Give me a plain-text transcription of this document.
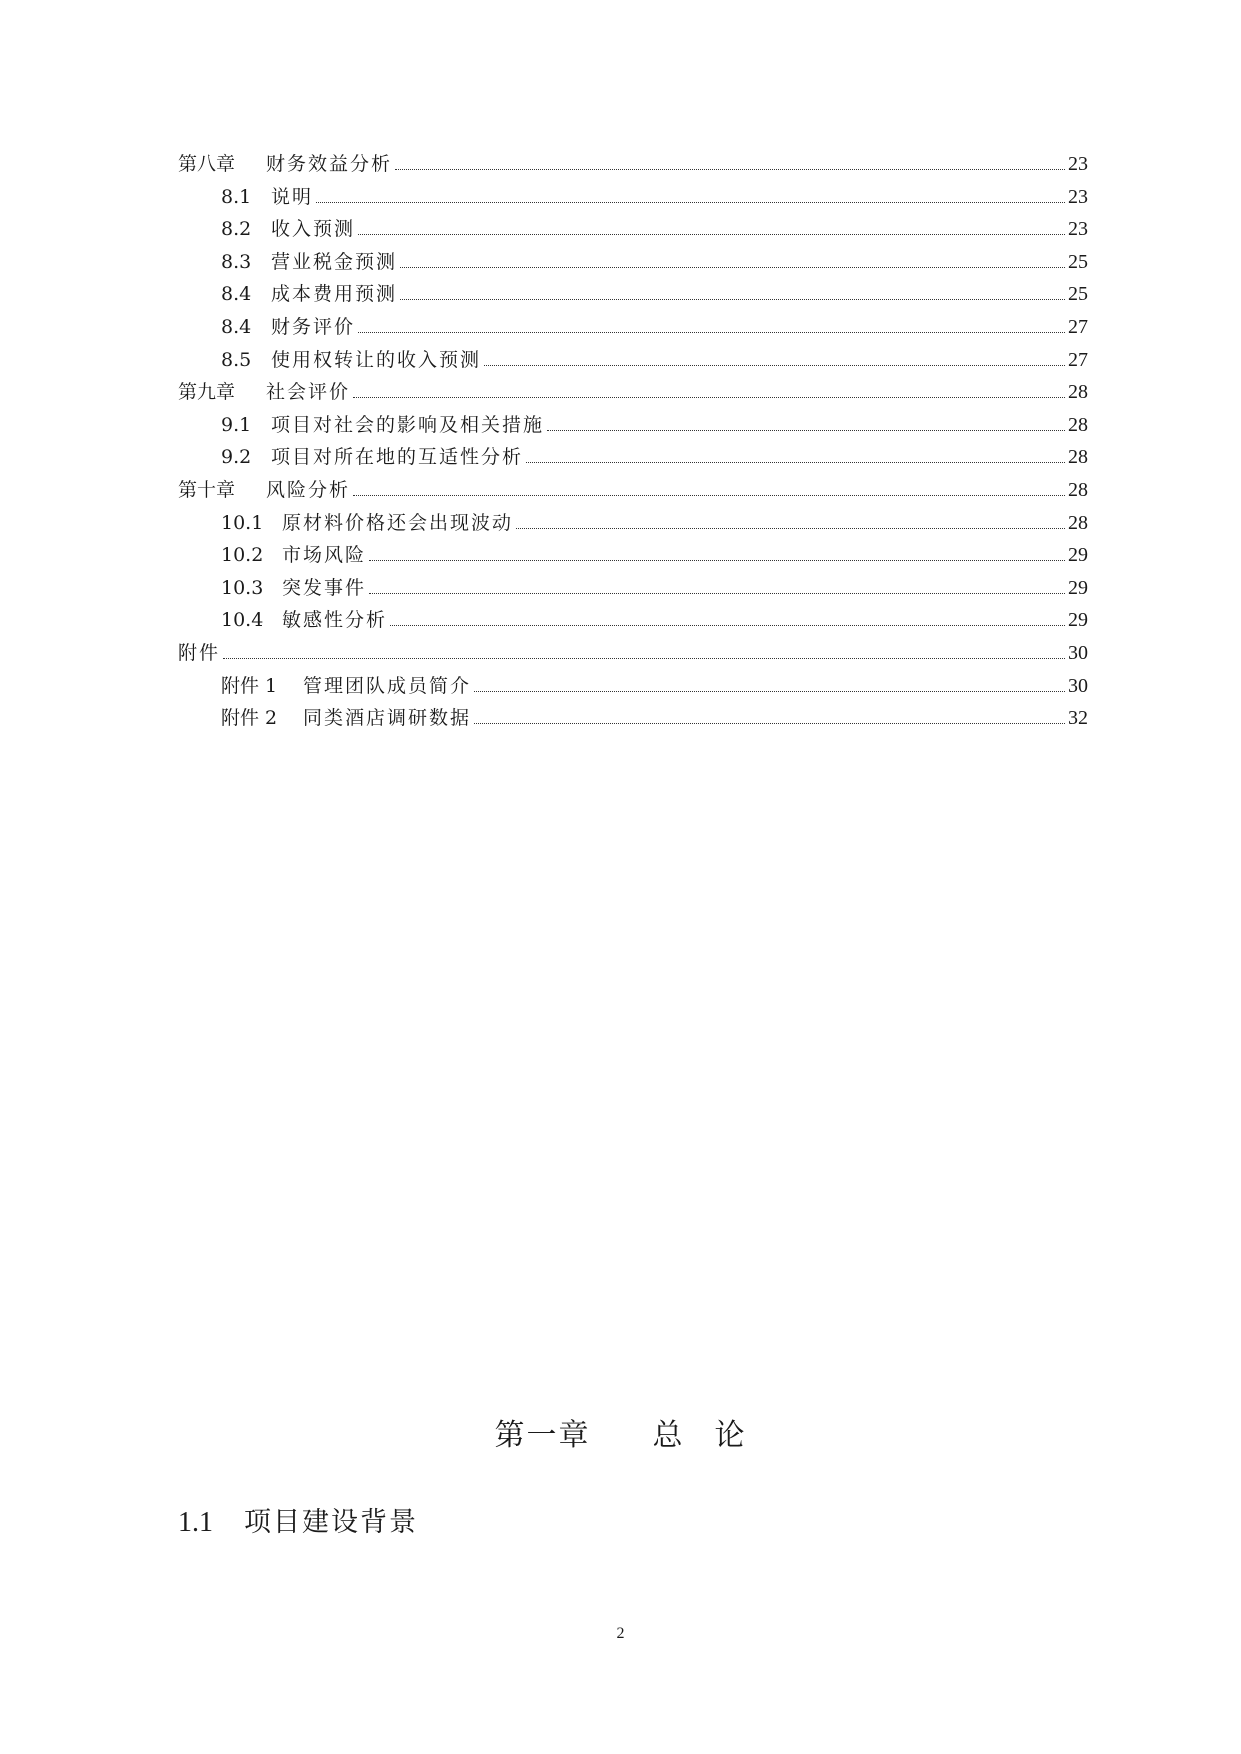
第八章	财务效益分析	23
8.1	说明	23
8.2	收入预测	23
8.3	营业税金预测	25
8.4	成本费用预测	25
8.4	财务评价	27
8.5	使用权转让的收入预测	27
第九章	社会评价	28
9.1	项目对社会的影响及相关措施	28
9.2	项目对所在地的互适性分析	28
第十章	风险分析	28
10.1 原材料价格还会出现波动	28
10.2 市场风险	29
10.3 突发事件	29
10.4 敏感性分析	29
附件	30
附件 1	管理团队成员简介	30
附件 2	同类酒店调研数据	32
第一章 总 论
1.1 项目建设背景
2
